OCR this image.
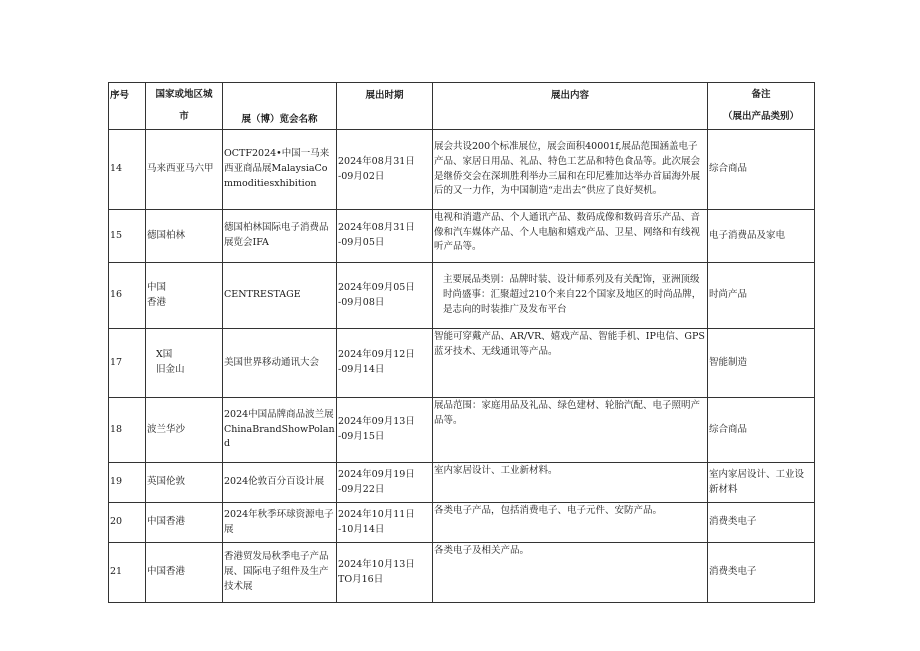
序号	国家或地区城
市	展（博）览会名称	展出时期	展出内容	备注
（展出产品类别）
14	马来西亚马六甲	OCTF2024•中国一马来西亚商品展MalaysiaCommoditiesxhibition	2024年08月31日
-09月02日	展会共设200个标准展位，展会面积40001f,展品范围涵盖电子产品、家居日用品、礼品、特色工艺品和特色食品等。此次展会是继侨交会在深圳胜利举办三届和在印尼雅加达举办首届海外展后的又一力作，为中国制造“走出去”供应了良好契机。	综合商品
15	德国柏林	德国柏林国际电子消费品展览会IFA	2024年08月31日
-09月05日	电视和消遣产品、个人通讯产品、数码成像和数码音乐产品、音像和汽车媒体产品、个人电脑和嬉戏产品、卫星、网络和有线视听产品等。	电子消费品及家电
16	中国
香港	CENTRESTAGE	2024年09月05日
-09月08日	主要展品类别：品牌时装、设计师系列及有关配饰，亚洲顶级时尚盛事：汇聚超过210个来自22个国家及地区的时尚品牌，是志向的时装推广及发布平台	时尚产品
17	X国
旧金山	美国世界移动通讯大会	2024年09月12日
-09月14日	智能可穿戴产品、AR/VR、嬉戏产品、智能手机、IP电信、GPS蓝牙技术、无线通讯等产品。	智能制造
18	波兰华沙	2024中国品牌商品波兰展ChinaBrandShowPoland	2024年09月13日
-09月15日	展品范围：家庭用品及礼品、绿色建材、轮胎汽配、电子照明产品等。	综合商品
19	英国伦敦	2024伦敦百分百设计展	2024年09月19日
-09月22日	室内家居设计、工业新材料。	室内家居设计、工业设新材料
20	中国香港	2024年秋季环球资源电子展	2024年10月11日
-10月14日	各类电子产品，包括消费电子、电子元件、安防产品。	消费类电子
21	中国香港	香港贸发局秋季电子产品展、国际电子组件及生产技术展	2024年10月13日
TO月16日	各类电子及相关产品。	消费类电子
